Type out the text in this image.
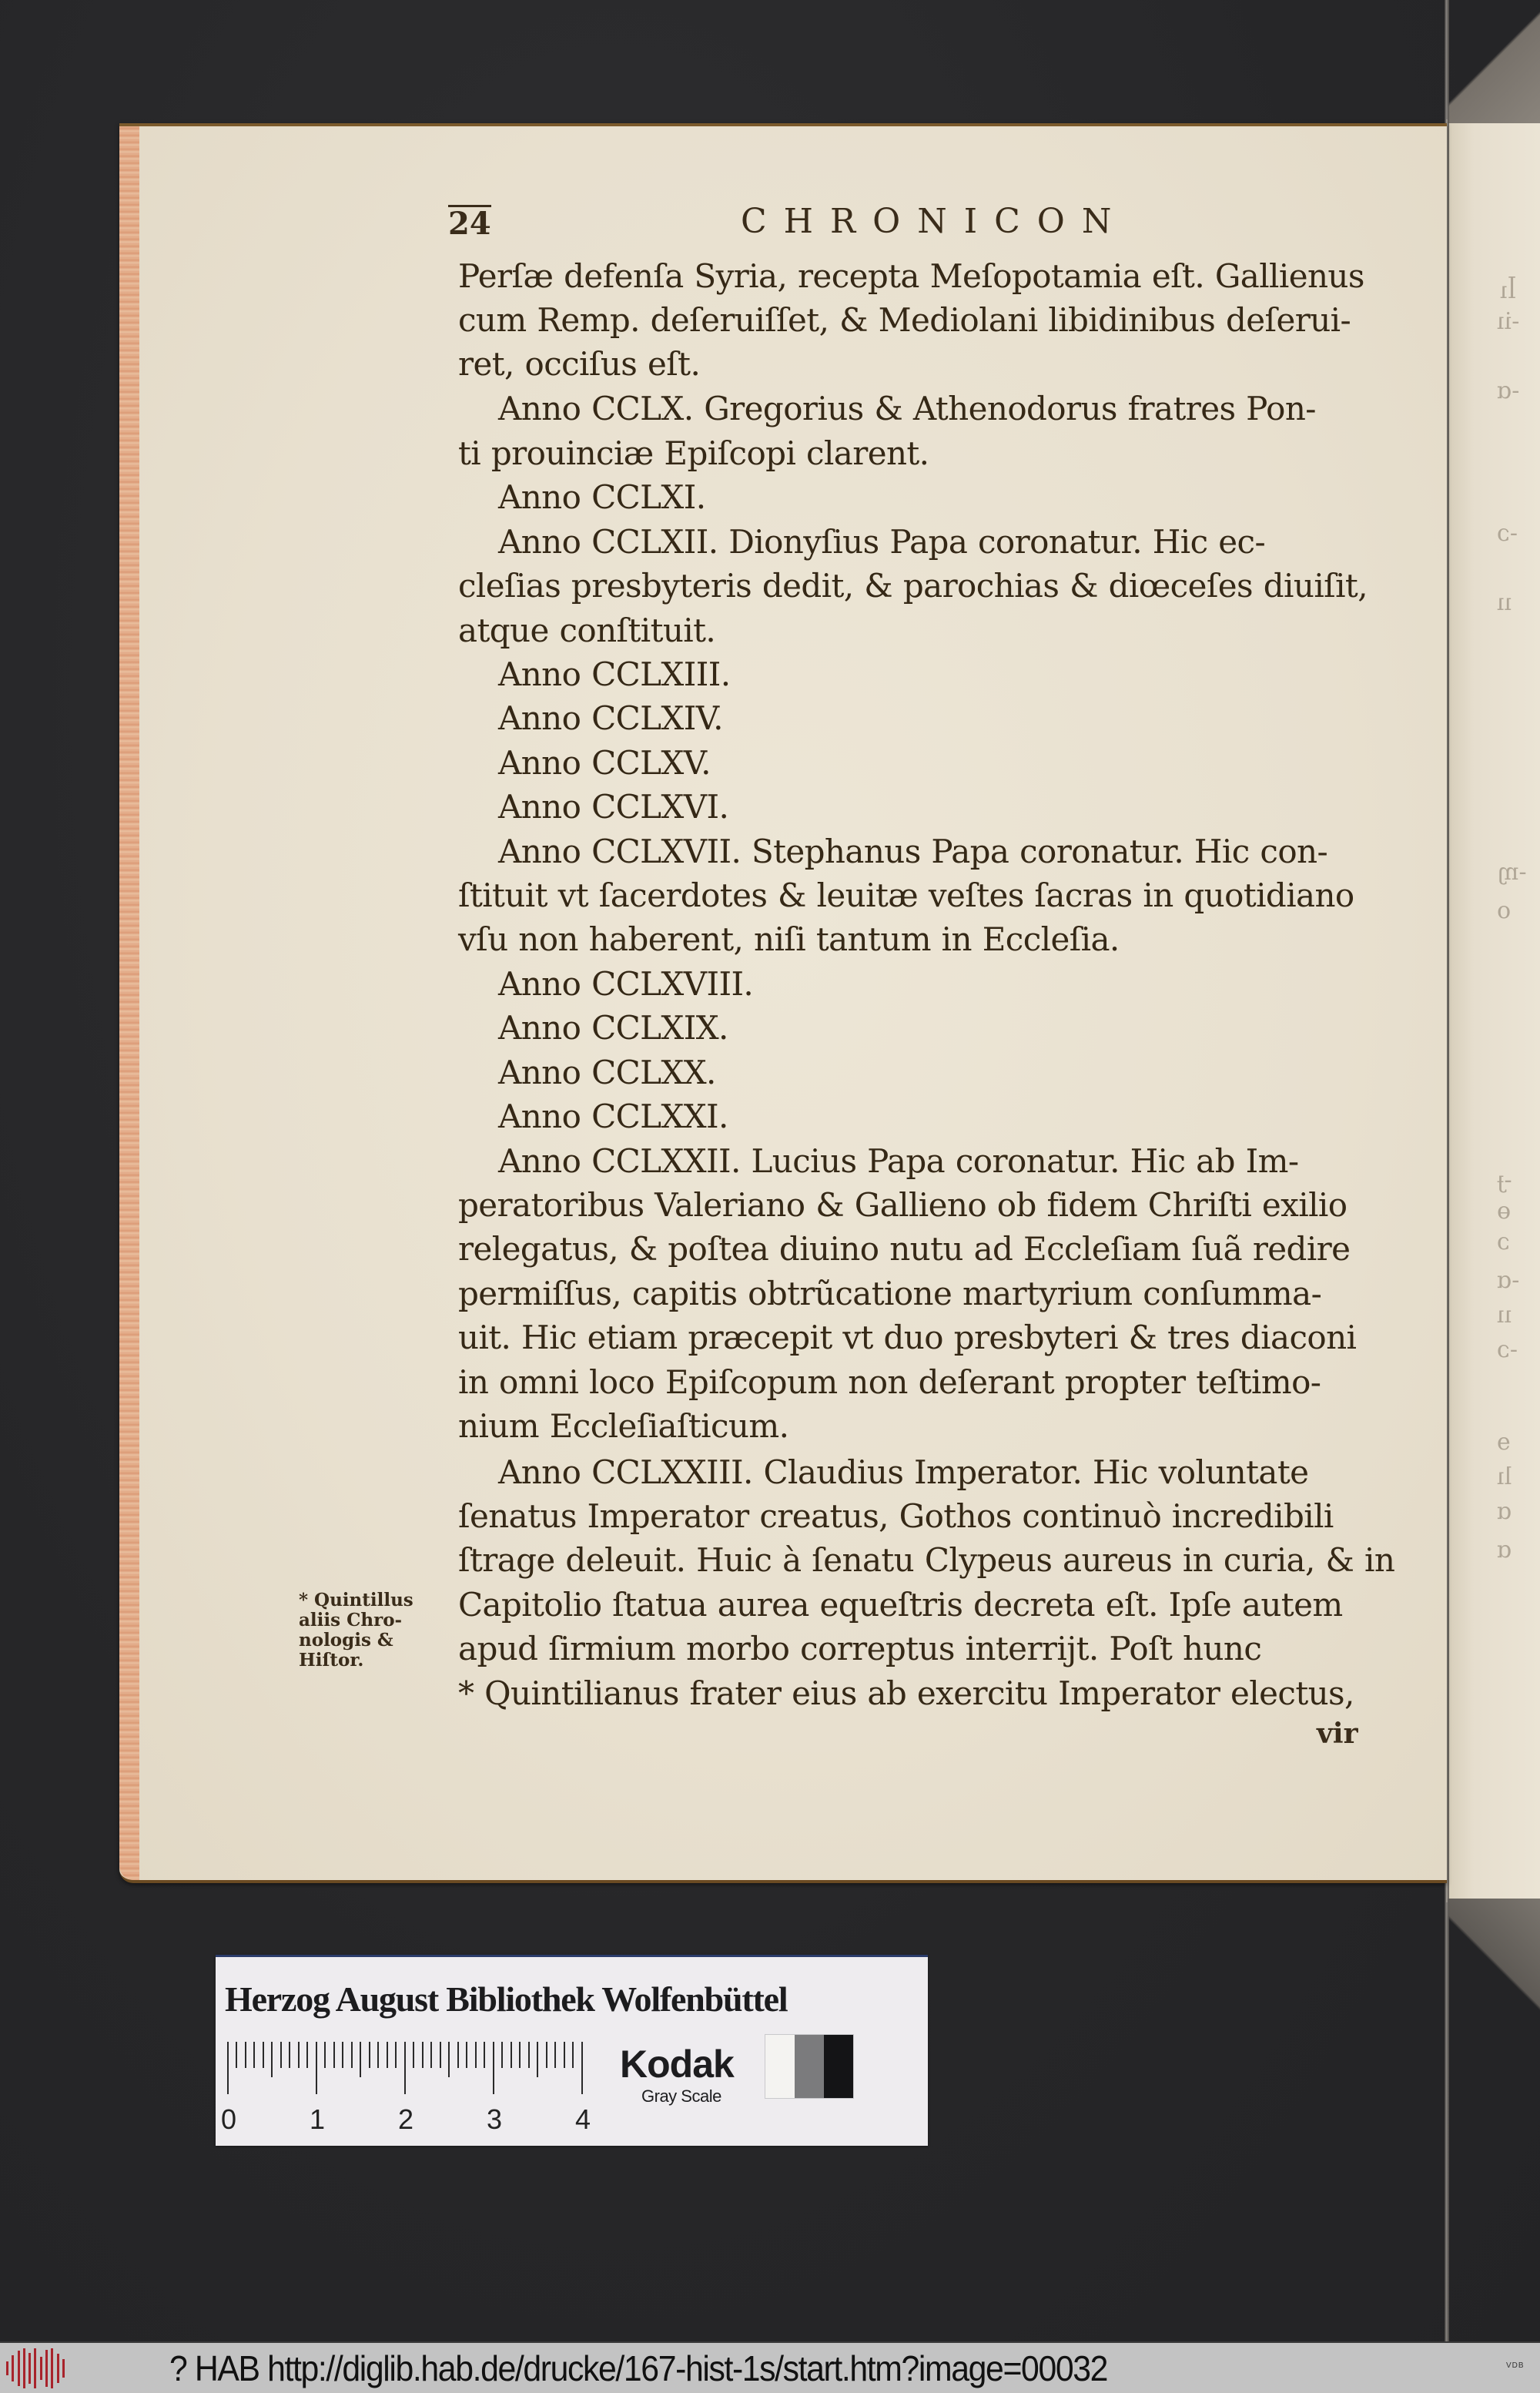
ꟾı
-iı
-ɑ
-ɔ
ıı
-ɱ
o
-ɟ
ɵ
ɔ
-ɑ
ıı
-ɔ
ɘ
lı
ɑ
ɑ
24	CHRONICON
Perſæ defenſa Syria, recepta Meſopotamia eſt. Gallienus
cum Remp. deſeruiſſet, & Mediolani libidinibus deſerui-
ret, occiſus eſt.
Anno CCLX. Gregorius & Athenodorus fratres Pon-
ti prouinciæ Epiſcopi clarent.
Anno CCLXI.
Anno CCLXII. Dionyſius Papa coronatur. Hic ec-
cleſias presbyteris dedit, & parochias & diœceſes diuiſit,
atque conſtituit.
Anno CCLXIII.
Anno CCLXIV.
Anno CCLXV.
Anno CCLXVI.
Anno CCLXVII. Stephanus Papa coronatur. Hic con-
ſtituit vt ſacerdotes & leuitæ veſtes ſacras in quotidiano
vſu non haberent, niſi tantum in Eccleſia.
Anno CCLXVIII.
Anno CCLXIX.
Anno CCLXX.
Anno CCLXXI.
Anno CCLXXII. Lucius Papa coronatur. Hic ab Im-
peratoribus Valeriano & Gallieno ob fidem Chriſti exilio
relegatus, & poſtea diuino nutu ad Eccleſiam ſuã redire
permiſſus, capitis obtrũcatione martyrium conſumma-
uit. Hic etiam præcepit vt duo presbyteri & tres diaconi
in omni loco Epiſcopum non deſerant propter teſtimo-
nium Eccleſiaſticum.
Anno CCLXXIII. Claudius Imperator. Hic voluntate
ſenatus Imperator creatus, Gothos continuò incredibili
ſtrage deleuit. Huic à ſenatu Clypeus aureus in curia, & in
Capitolio ſtatua aurea equeſtris decreta eſt. Ipſe autem
apud ſirmium morbo correptus interrijt. Poſt hunc
* Quintilianus frater eius ab exercitu Imperator electus,
* Quintillus
aliis Chro-
nologis &
Hiſtor.
vir
Herzog August Bibliothek Wolfenbüttel
0	1	2	3	4
Kodak
Gray Scale
? HAB http://diglib.hab.de/drucke/167-hist-1s/start.htm?image=00032	VDB
